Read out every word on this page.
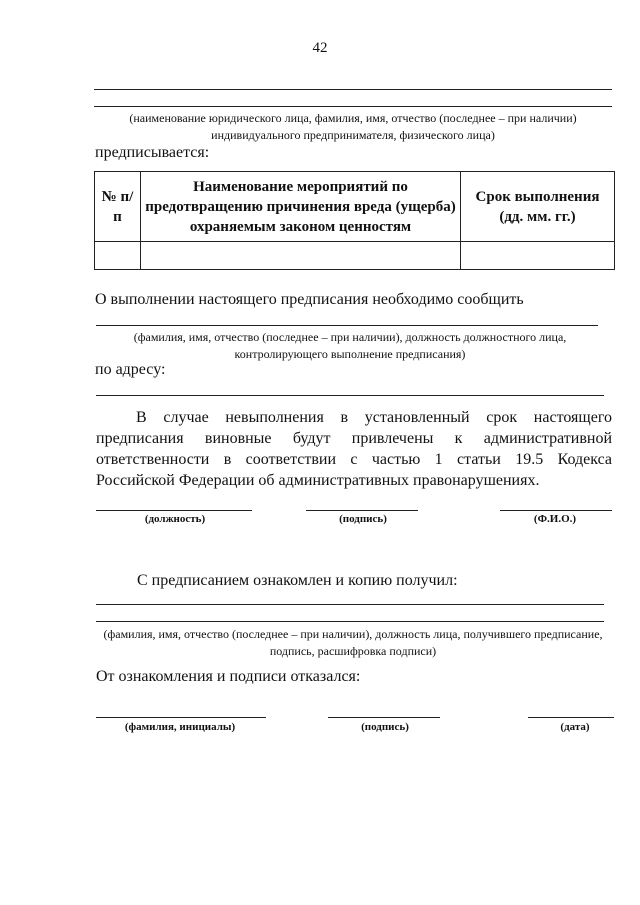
42
(наименование юридического лица, фамилия, имя, отчество (последнее – при наличии) индивидуального предпринимателя, физического лица)
предписывается:
№ п/п	Наименование мероприятий по предотвращению причинения вреда (ущерба) охраняемым законом ценностям	Срок выполнения (дд. мм. гг.)

О выполнении настоящего предписания необходимо сообщить
(фамилия, имя, отчество (последнее – при наличии), должность должностного лица, контролирующего выполнение предписания)
по адресу:
В случае невыполнения в установленный срок настоящего предписания виновные будут привлечены к административной ответственности в соответствии с частью 1 статьи 19.5 Кодекса Российской Федерации об административных правонарушениях.
(должность)	(подпись)	(Ф.И.О.)
С предписанием ознакомлен и копию получил:
(фамилия, имя, отчество (последнее – при наличии), должность лица, получившего предписание, подпись, расшифровка подписи)
От ознакомления и подписи отказался:
(фамилия, инициалы)	(подпись)	(дата)
